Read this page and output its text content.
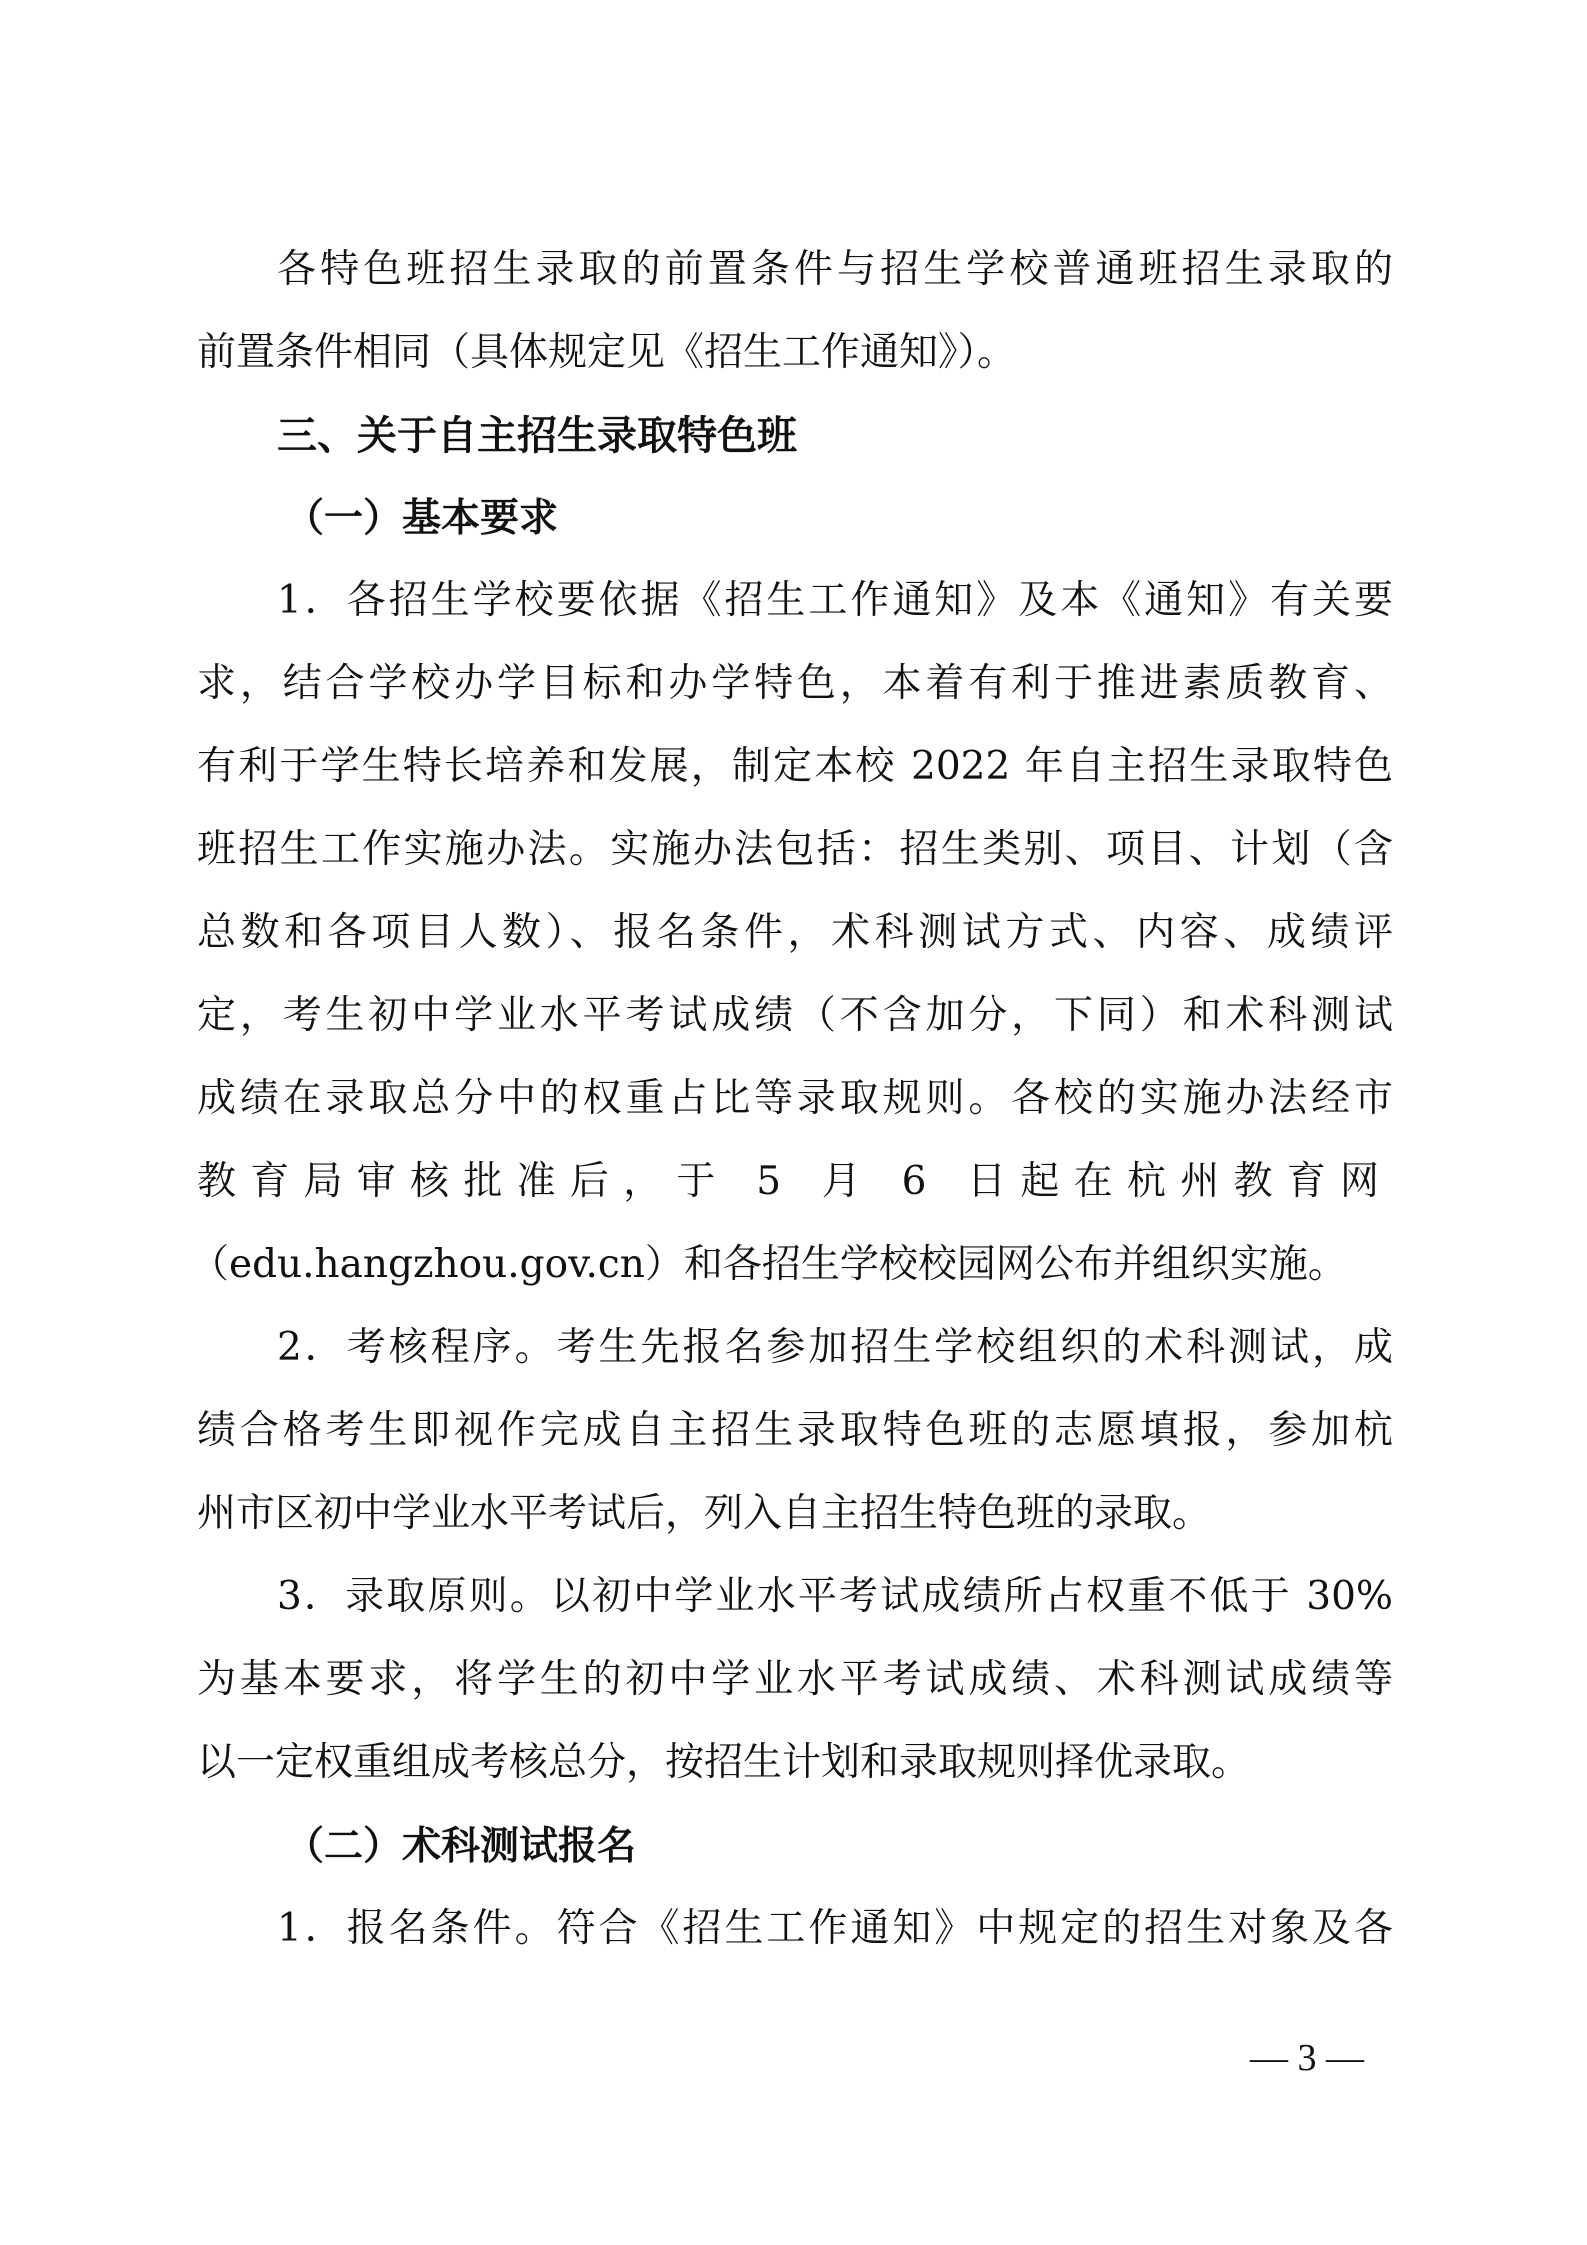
各特色班招生录取的前置条件与招生学校普通班招生录取的
前置条件相同（具体规定见《招生工作通知》）。
三、关于自主招生录取特色班
（一）基本要求
1．各招生学校要依据《招生工作通知》及本《通知》有关要
求，结合学校办学目标和办学特色，本着有利于推进素质教育、
有利于学生特长培养和发展，制定本校 2022 年自主招生录取特色
班招生工作实施办法。实施办法包括：招生类别、项目、计划（含
总数和各项目人数）、报名条件，术科测试方式、内容、成绩评
定，考生初中学业水平考试成绩（不含加分，下同）和术科测试
成绩在录取总分中的权重占比等录取规则。各校的实施办法经市
教育局审核批准后，于 5 月 6 日起在杭州教育网
（edu.hangzhou.gov.cn）和各招生学校校园网公布并组织实施。
2．考核程序。考生先报名参加招生学校组织的术科测试，成
绩合格考生即视作完成自主招生录取特色班的志愿填报，参加杭
州市区初中学业水平考试后，列入自主招生特色班的录取。
3．录取原则。以初中学业水平考试成绩所占权重不低于 30%
为基本要求，将学生的初中学业水平考试成绩、术科测试成绩等
以一定权重组成考核总分，按招生计划和录取规则择优录取。
（二）术科测试报名
1．报名条件。符合《招生工作通知》中规定的招生对象及各
— 3 —
